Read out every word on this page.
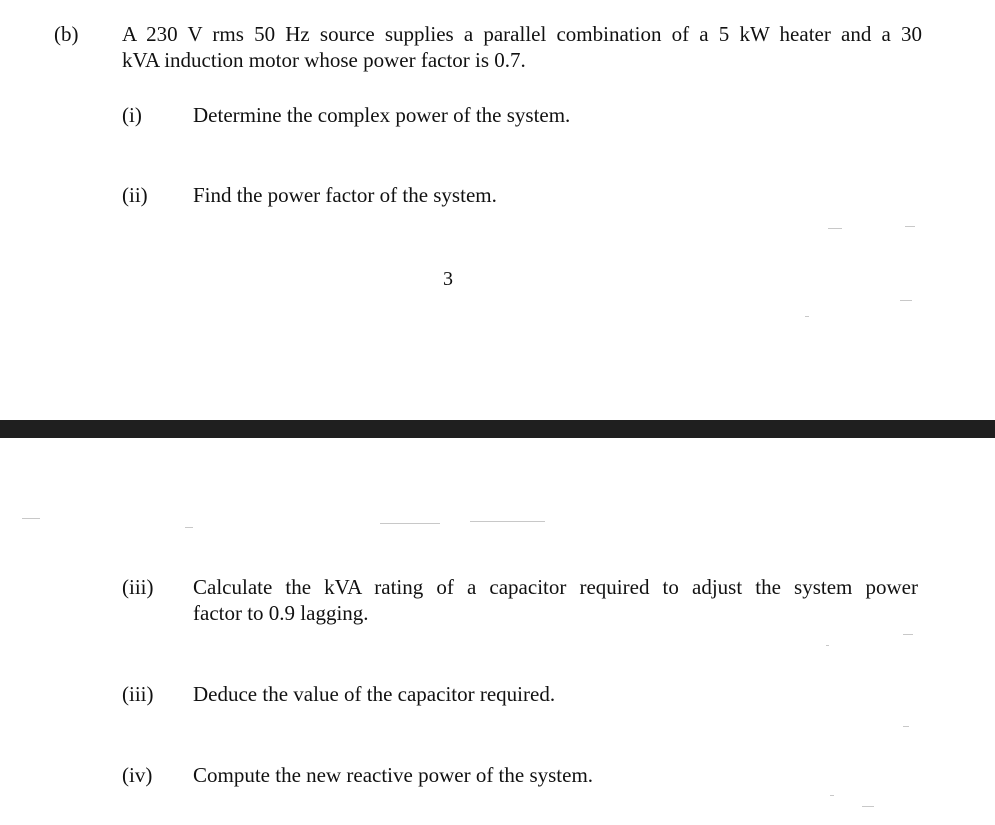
(b) A 230 V rms 50 Hz source supplies a parallel combination of a 5 kW heater and a 30
kVA induction motor whose power factor is 0.7.
(i) Determine the complex power of the system.
(ii) Find the power factor of the system.
3
(iii) Calculate the kVA rating of a capacitor required to adjust the system power
factor to 0.9 lagging.
(iii) Deduce the value of the capacitor required.
(iv) Compute the new reactive power of the system.
